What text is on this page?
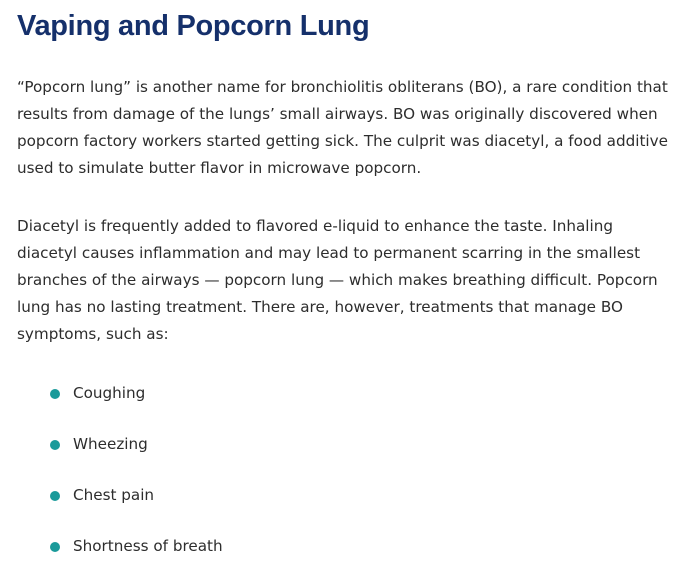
Vaping and Popcorn Lung

“Popcorn lung” is another name for bronchiolitis obliterans (BO), a rare condition that results from damage of the lungs’ small airways. BO was originally discovered when popcorn factory workers started getting sick. The culprit was diacetyl, a food additive used to simulate butter flavor in microwave popcorn.

Diacetyl is frequently added to flavored e-liquid to enhance the taste. Inhaling diacetyl causes inflammation and may lead to permanent scarring in the smallest branches of the airways — popcorn lung — which makes breathing difficult. Popcorn lung has no lasting treatment. There are, however, treatments that manage BO symptoms, such as:

Coughing
Wheezing
Chest pain
Shortness of breath
